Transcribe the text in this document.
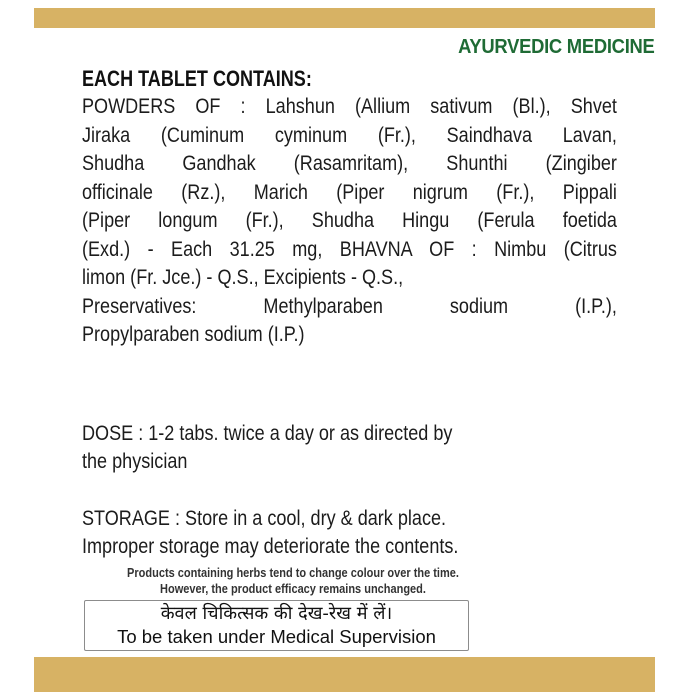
AYURVEDIC MEDICINE
EACH TABLET CONTAINS:
POWDERS OF : Lahshun (Allium sativum (Bl.), Shvet
Jiraka (Cuminum cyminum (Fr.), Saindhava Lavan,
Shudha Gandhak (Rasamritam), Shunthi (Zingiber
officinale (Rz.), Marich (Piper nigrum (Fr.), Pippali
(Piper longum (Fr.), Shudha Hingu (Ferula foetida
(Exd.) - Each 31.25 mg, BHAVNA OF : Nimbu (Citrus
limon (Fr. Jce.) - Q.S., Excipients - Q.S.,
Preservatives: Methylparaben sodium (I.P.),
Propylparaben sodium (I.P.)
DOSE : 1-2 tabs. twice a day or as directed by
the physician
STORAGE : Store in a cool, dry & dark place.
Improper storage may deteriorate the contents.
Products containing herbs tend to change colour over the time.
However, the product efficacy remains unchanged.
केवल चिकित्सक की देख-रेख में लें।
To be taken under Medical Supervision
